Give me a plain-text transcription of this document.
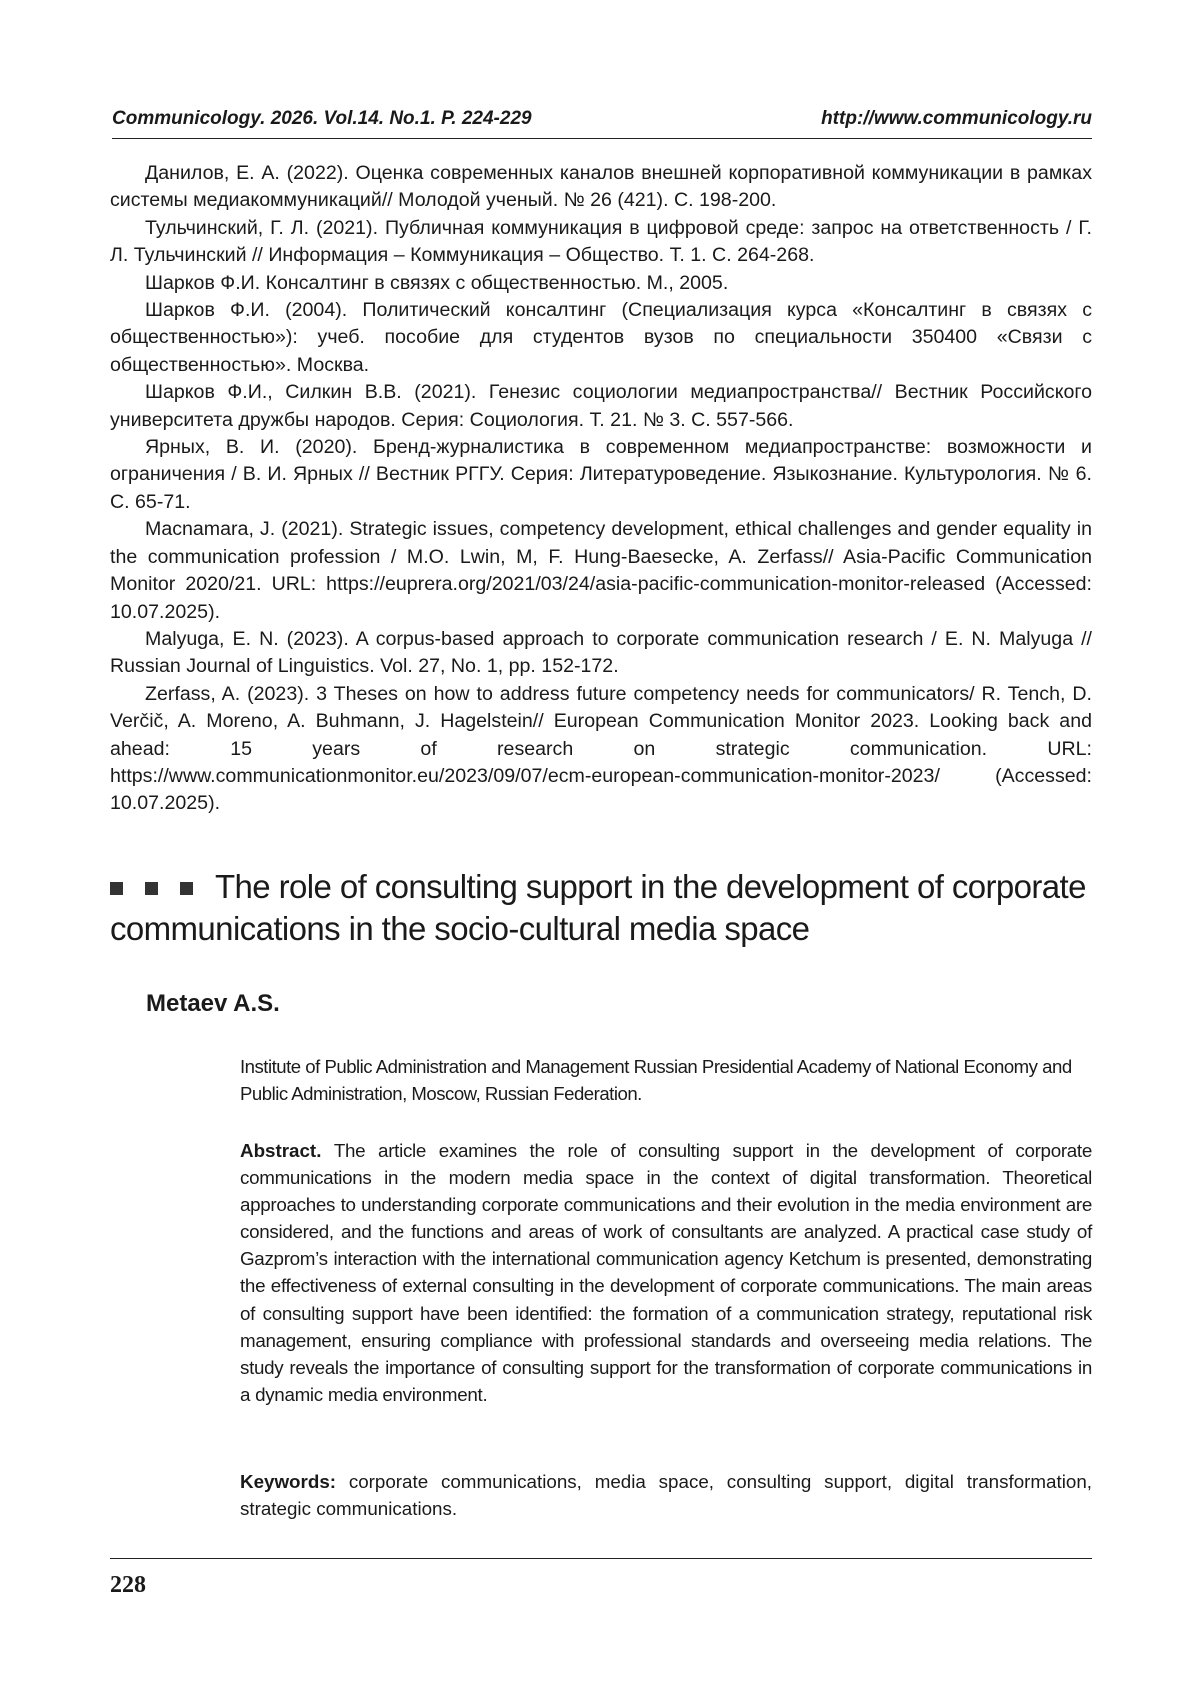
Communicology. 2026. Vol.14. No.1. P. 224-229	http://www.communicology.ru

Данилов, Е. А. (2022). Оценка современных каналов внешней корпоративной коммуникации в рамках системы медиакоммуникаций// Молодой ученый. № 26 (421). С. 198-200.

Тульчинский, Г. Л. (2021). Публичная коммуникация в цифровой среде: запрос на ответственность / Г. Л. Тульчинский // Информация – Коммуникация – Общество. Т. 1. С. 264-268.

Шарков Ф.И. Консалтинг в связях с общественностью. М., 2005.

Шарков Ф.И. (2004). Политический консалтинг (Специализация курса «Консалтинг в связях с общественностью»): учеб. пособие для студентов вузов по специальности 350400 «Связи с общественностью». Москва.

Шарков Ф.И., Силкин В.В. (2021). Генезис социологии медиапространства// Вестник Российского университета дружбы народов. Серия: Социология. Т. 21. № 3. С. 557-566.

Ярных, В. И. (2020). Бренд-журналистика в современном медиапространстве: возможности и ограничения / В. И. Ярных // Вестник РГГУ. Серия: Литературоведение. Языкознание. Культурология. № 6. С. 65-71.

Macnamara, J. (2021). Strategic issues, competency development, ethical challenges and gender equality in the communication profession / M.O. Lwin, M, F. Hung-Baesecke, A. Zerfass// Asia-Pacific Communication Monitor 2020/21. URL: https://euprera.org/2021/03/24/asia-pacific-communication-monitor-released (Accessed: 10.07.2025).

Malyuga, E. N. (2023). A corpus-based approach to corporate communication research / E. N. Malyuga // Russian Journal of Linguistics. Vol. 27, No. 1, pp. 152-172.

Zerfass, A. (2023). 3 Theses on how to address future competency needs for communicators/ R. Tench, D. Verčič, A. Moreno, A. Buhmann, J. Hagelstein// European Communication Monitor 2023. Looking back and ahead: 15 years of research on strategic communication. URL: https://www.communicationmonitor.eu/2023/09/07/ecm-european-communication-monitor-2023/ (Accessed: 10.07.2025).

The role of consulting support in the development of corporate communications in the socio-cultural media space
Metaev A.S.
Institute of Public Administration and Management Russian Presidential Academy of National Economy and Public Administration, Moscow, Russian Federation.
Abstract. The article examines the role of consulting support in the development of corporate communications in the modern media space in the context of digital transformation. Theoretical approaches to understanding corporate communications and their evolution in the media environment are considered, and the functions and areas of work of consultants are analyzed. A practical case study of Gazprom’s interaction with the international communication agency Ketchum is presented, demonstrating the effectiveness of external consulting in the development of corporate communications. The main areas of consulting support have been identified: the formation of a communication strategy, reputational risk management, ensuring compliance with professional standards and overseeing media relations. The study reveals the importance of consulting support for the transformation of corporate communications in a dynamic media environment.
Keywords: corporate communications, media space, consulting support, digital transformation, strategic communications.
228
